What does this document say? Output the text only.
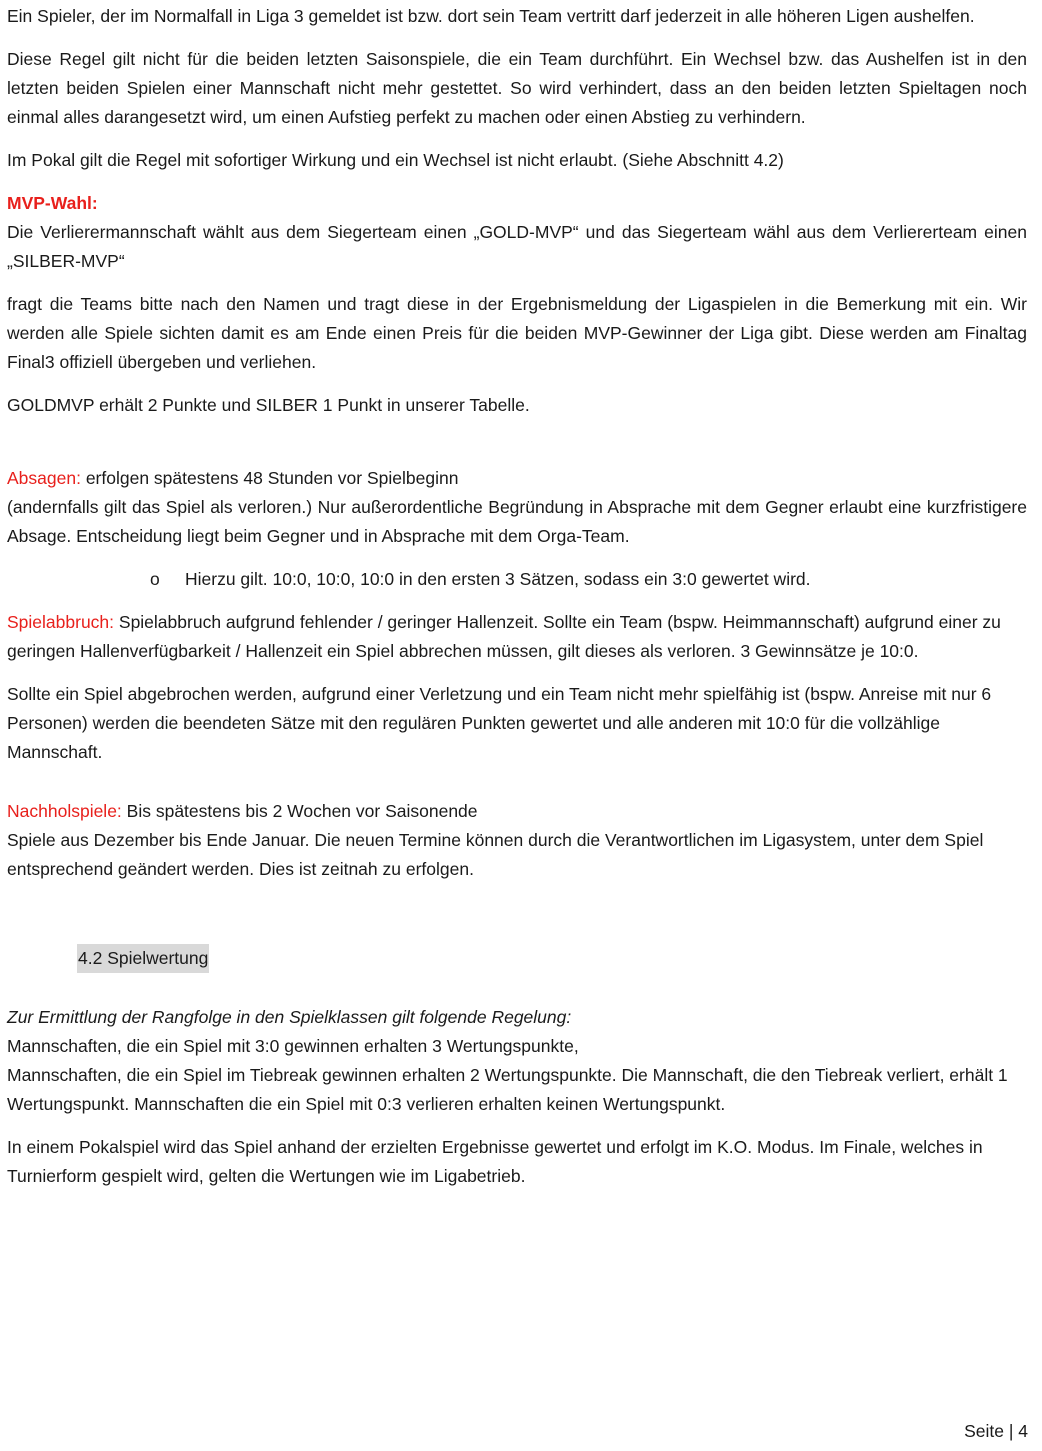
Ein Spieler, der im Normalfall in Liga 3 gemeldet ist bzw. dort sein Team vertritt darf jederzeit in alle höheren Ligen aushelfen.

Diese Regel gilt nicht für die beiden letzten Saisonspiele, die ein Team durchführt. Ein Wechsel bzw. das Aushelfen ist in den letzten beiden Spielen einer Mannschaft nicht mehr gestettet. So wird verhindert, dass an den beiden letzten Spieltagen noch einmal alles darangesetzt wird, um einen Aufstieg perfekt zu machen oder einen Abstieg zu verhindern.

Im Pokal gilt die Regel mit sofortiger Wirkung und ein Wechsel ist nicht erlaubt. (Siehe Abschnitt 4.2)

MVP-Wahl:

Die Verlierermannschaft wählt aus dem Siegerteam einen „GOLD-MVP“ und das Siegerteam wähl aus dem Verliererteam einen „SILBER-MVP“

fragt die Teams bitte nach den Namen und tragt diese in der Ergebnismeldung der Ligaspielen in die Bemerkung mit ein. Wir werden alle Spiele sichten damit es am Ende einen Preis für die beiden MVP-Gewinner der Liga gibt. Diese werden am Finaltag Final3 offiziell übergeben und verliehen.

GOLDMVP erhält 2 Punkte und SILBER 1 Punkt in unserer Tabelle.

Absagen: erfolgen spätestens 48 Stunden vor Spielbeginn

(andernfalls gilt das Spiel als verloren.) Nur außerordentliche Begründung in Absprache mit dem Gegner erlaubt eine kurzfristigere Absage. Entscheidung liegt beim Gegner und in Absprache mit dem Orga-Team.

o Hierzu gilt. 10:0, 10:0, 10:0 in den ersten 3 Sätzen, sodass ein 3:0 gewertet wird.

Spielabbruch: Spielabbruch aufgrund fehlender / geringer Hallenzeit. Sollte ein Team (bspw. Heimmannschaft) aufgrund einer zu geringen Hallenverfügbarkeit / Hallenzeit ein Spiel abbrechen müssen, gilt dieses als verloren. 3 Gewinnsätze je 10:0.

Sollte ein Spiel abgebrochen werden, aufgrund einer Verletzung und ein Team nicht mehr spielfähig ist (bspw. Anreise mit nur 6 Personen) werden die beendeten Sätze mit den regulären Punkten gewertet und alle anderen mit 10:0 für die vollzählige Mannschaft.

Nachholspiele: Bis spätestens bis 2 Wochen vor Saisonende

Spiele aus Dezember bis Ende Januar. Die neuen Termine können durch die Verantwortlichen im Ligasystem, unter dem Spiel entsprechend geändert werden. Dies ist zeitnah zu erfolgen.

4.2 Spielwertung

Zur Ermittlung der Rangfolge in den Spielklassen gilt folgende Regelung:
Mannschaften, die ein Spiel mit 3:0 gewinnen erhalten 3 Wertungspunkte,

Mannschaften, die ein Spiel im Tiebreak gewinnen erhalten 2 Wertungspunkte. Die Mannschaft, die den Tiebreak verliert, erhält 1 Wertungspunkt. Mannschaften die ein Spiel mit 0:3 verlieren erhalten keinen Wertungspunkt.

In einem Pokalspiel wird das Spiel anhand der erzielten Ergebnisse gewertet und erfolgt im K.O. Modus. Im Finale, welches in Turnierform gespielt wird, gelten die Wertungen wie im Ligabetrieb.

Seite | 4
